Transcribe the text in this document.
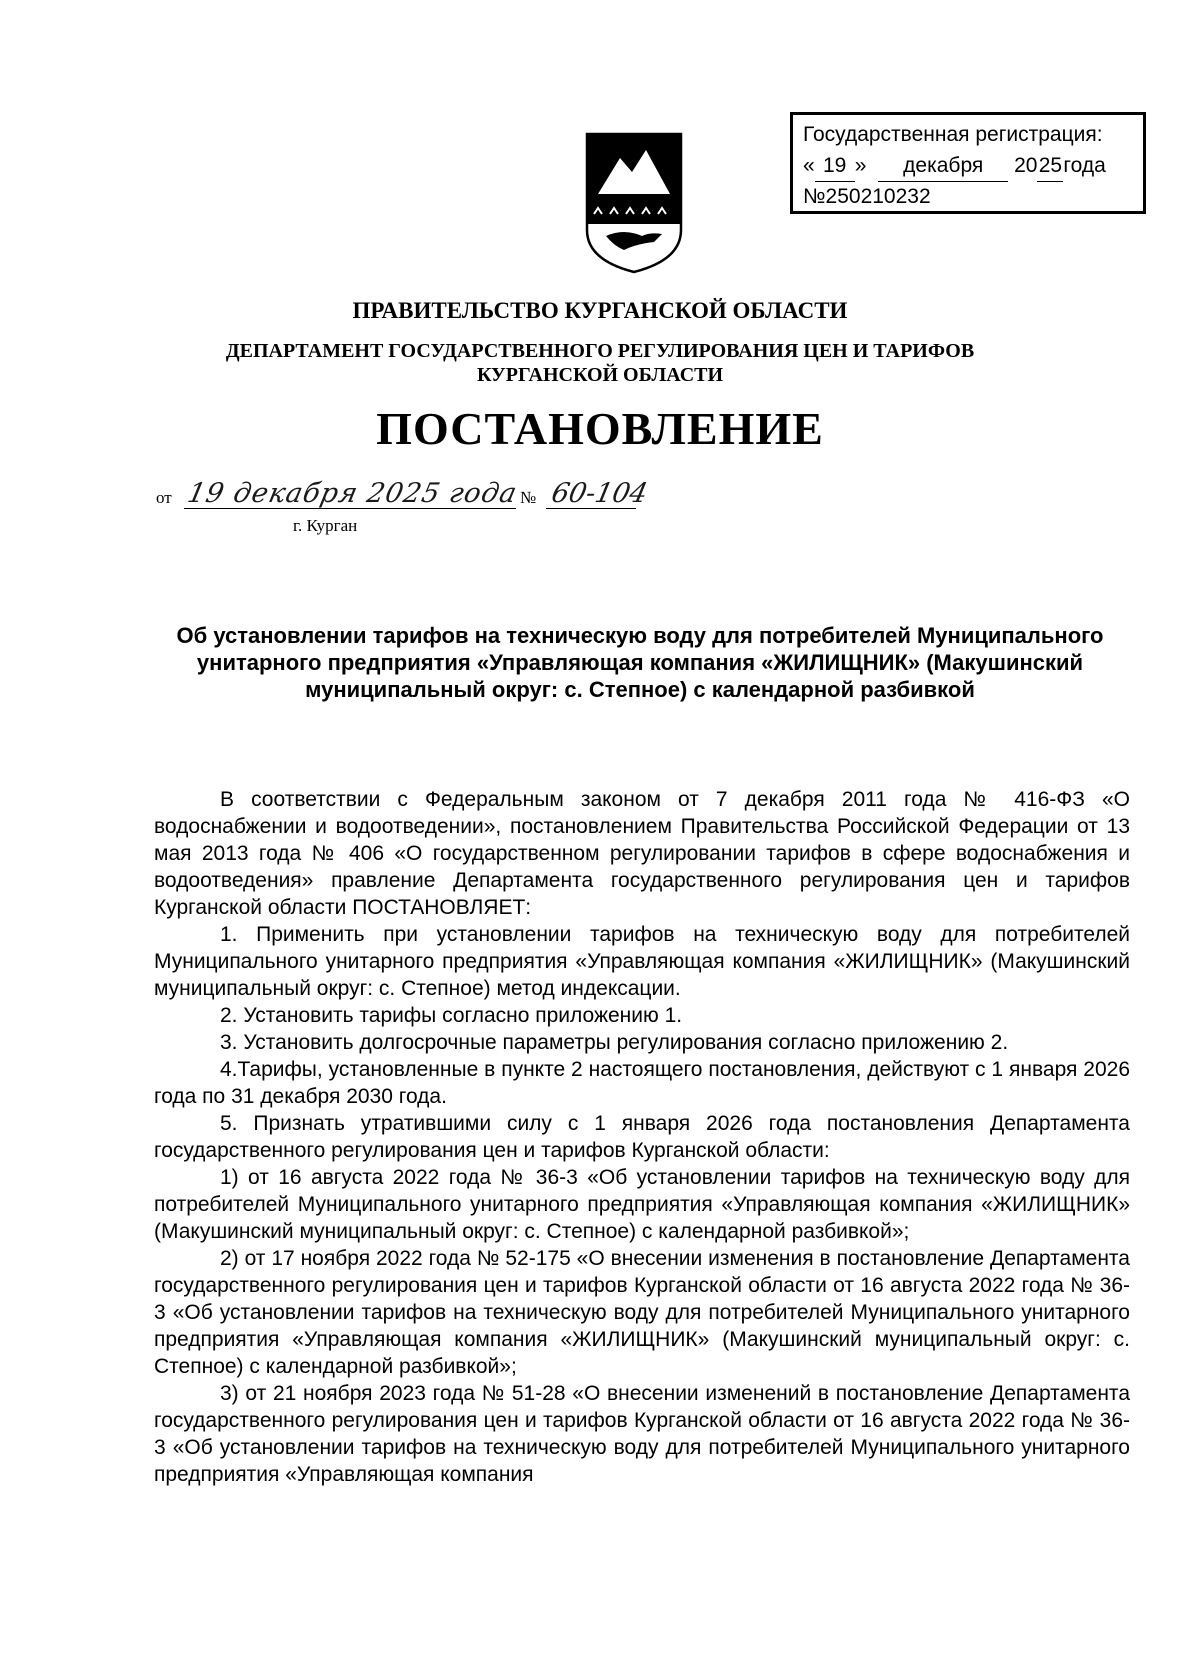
Государственная регистрация:
« 19 » декабря 2025года
№250210232
ПРАВИТЕЛЬСТВО КУРГАНСКОЙ ОБЛАСТИ
ДЕПАРТАМЕНТ ГОСУДАРСТВЕННОГО РЕГУЛИРОВАНИЯ ЦЕН И ТАРИФОВ
КУРГАНСКОЙ ОБЛАСТИ
ПОСТАНОВЛЕНИЕ
от 19 декабря 2025 года № 60-104
г. Курган
Об установлении тарифов на техническую воду для потребителей Муниципального унитарного предприятия «Управляющая компания «ЖИЛИЩНИК» (Макушинский муниципальный округ: с. Степное) с календарной разбивкой

В соответствии с Федеральным законом от 7 декабря 2011 года № 416-ФЗ «О водоснабжении и водоотведении», постановлением Правительства Российской Федерации от 13 мая 2013 года № 406 «О государственном регулировании тарифов в сфере водоснабжения и водоотведения» правление Департамента государственного регулирования цен и тарифов Курганской области ПОСТАНОВЛЯЕТ:

1. Применить при установлении тарифов на техническую воду для потребителей Муниципального унитарного предприятия «Управляющая компания «ЖИЛИЩНИК» (Макушинский муниципальный округ: с. Степное) метод индексации.

2. Установить тарифы согласно приложению 1.

3. Установить долгосрочные параметры регулирования согласно приложению 2.

4.Тарифы, установленные в пункте 2 настоящего постановления, действуют с 1 января 2026 года по 31 декабря 2030 года.

5. Признать утратившими силу с 1 января 2026 года постановления Департамента государственного регулирования цен и тарифов Курганской области:

1) от 16 августа 2022 года № 36-3 «Об установлении тарифов на техническую воду для потребителей Муниципального унитарного предприятия «Управляющая компания «ЖИЛИЩНИК» (Макушинский муниципальный округ: с. Степное) с календарной разбивкой»;

2) от 17 ноября 2022 года № 52-175 «О внесении изменения в постановление Департамента государственного регулирования цен и тарифов Курганской области от 16 августа 2022 года № 36-3 «Об установлении тарифов на техническую воду для потребителей Муниципального унитарного предприятия «Управляющая компания «ЖИЛИЩНИК» (Макушинский муниципальный округ: с. Степное) с календарной разбивкой»;

3) от 21 ноября 2023 года № 51-28 «О внесении изменений в постановление Департамента государственного регулирования цен и тарифов Курганской области от 16 августа 2022 года № 36-3 «Об установлении тарифов на техническую воду для потребителей Муниципального унитарного предприятия «Управляющая компания
